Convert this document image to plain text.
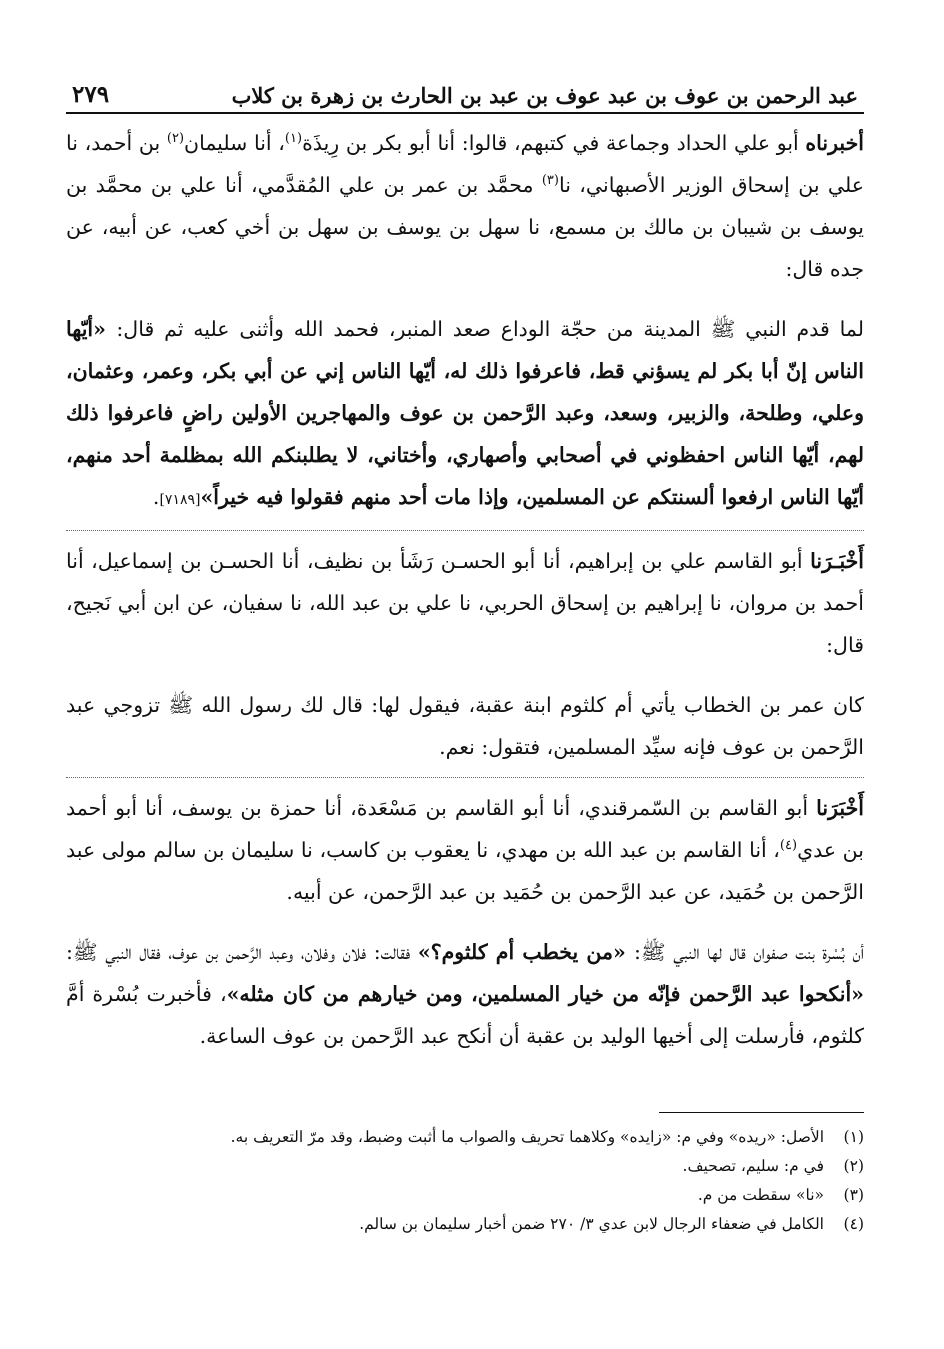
عبد الرحمن بن عوف بن عبد عوف بن عبد بن الحارث بن زهرة بن كلاب
٢٧٩

أخبرناه أبو علي الحداد وجماعة في كتبهم، قالوا: أنا أبو بكر بن رِيذَة$^{(١)}$، أنا سليمان$^{(٢)}$ بن أحمد، نا علي بن إسحاق الوزير الأصبهاني، نا$^{(٣)}$ محمَّد بن عمر بن علي المُقدَّمي، أنا علي بن محمَّد بن يوسف بن شيبان بن مالك بن مسمع، نا سهل بن يوسف بن سهل بن أخي كعب، عن أبيه، عن جده قال:

لما قدم النبي ﷺ المدينة من حجّة الوداع صعد المنبر، فحمد الله وأثنى عليه ثم قال: «أيّها الناس إنّ أبا بكر لم يسؤني قط، فاعرفوا ذلك له، أيّها الناس إني عن أبي بكر، وعمر، وعثمان، وعلي، وطلحة، والزبير، وسعد، وعبد الرَّحمن بن عوف والمهاجرين الأولين راضٍ فاعرفوا ذلك لهم، أيّها الناس احفظوني في أصحابي وأصهاري، وأختاني، لا يطلبنكم الله بمظلمة أحد منهم، أيّها الناس ارفعوا ألسنتكم عن المسلمين، وإذا مات أحد منهم فقولوا فيه خيراً»[٧١٨٩].

أَخْبَـرَنا أبو القاسم علي بن إبراهيم، أنا أبو الحسـن رَشَأ بن نظيف، أنا الحسـن بن إسماعيل، أنا أحمد بن مروان، نا إبراهيم بن إسحاق الحربي، نا علي بن عبد الله، نا سفيان، عن ابن أبي نَجيح، قال:

كان عمر بن الخطاب يأتي أم كلثوم ابنة عقبة، فيقول لها: قال لك رسول الله ﷺ تزوجي عبد الرَّحمن بن عوف فإنه سيِّد المسلمين، فتقول: نعم.

أَخْبَرَنا أبو القاسم بن السّمرقندي، أنا أبو القاسم بن مَسْعَدة، أنا حمزة بن يوسف، أنا أبو أحمد بن عدي$^{(٤)}$، أنا القاسم بن عبد الله بن مهدي، نا يعقوب بن كاسب، نا سليمان بن سالم مولى عبد الرَّحمن بن حُمَيد، عن عبد الرَّحمن بن حُمَيد بن عبد الرَّحمن، عن أبيه.

أن بُسْرة بنت صفوان قال لها النبي ﷺ: «من يخطب أم كلثوم؟» فقالت: فلان وفلان، وعبد الرَّحمن بن عوف، فقال النبي ﷺ: «أنكحوا عبد الرَّحمن فإنّه من خيار المسلمين، ومن خيارهم من كان مثله»، فأخبرت بُسْرة أمَّ كلثوم، فأرسلت إلى أخيها الوليد بن عقبة أن أنكح عبد الرَّحمن بن عوف الساعة.

(١)
الأصل: «ريده» وفي م: «زايده» وكلاهما تحريف والصواب ما أثبت وضبط، وقد مرّ التعريف به.
(٢)
في م: سليم، تصحيف.
(٣)
«نا» سقطت من م.
(٤)
الكامل في ضعفاء الرجال لابن عدي ٣/ ٢٧٠ ضمن أخبار سليمان بن سالم.
